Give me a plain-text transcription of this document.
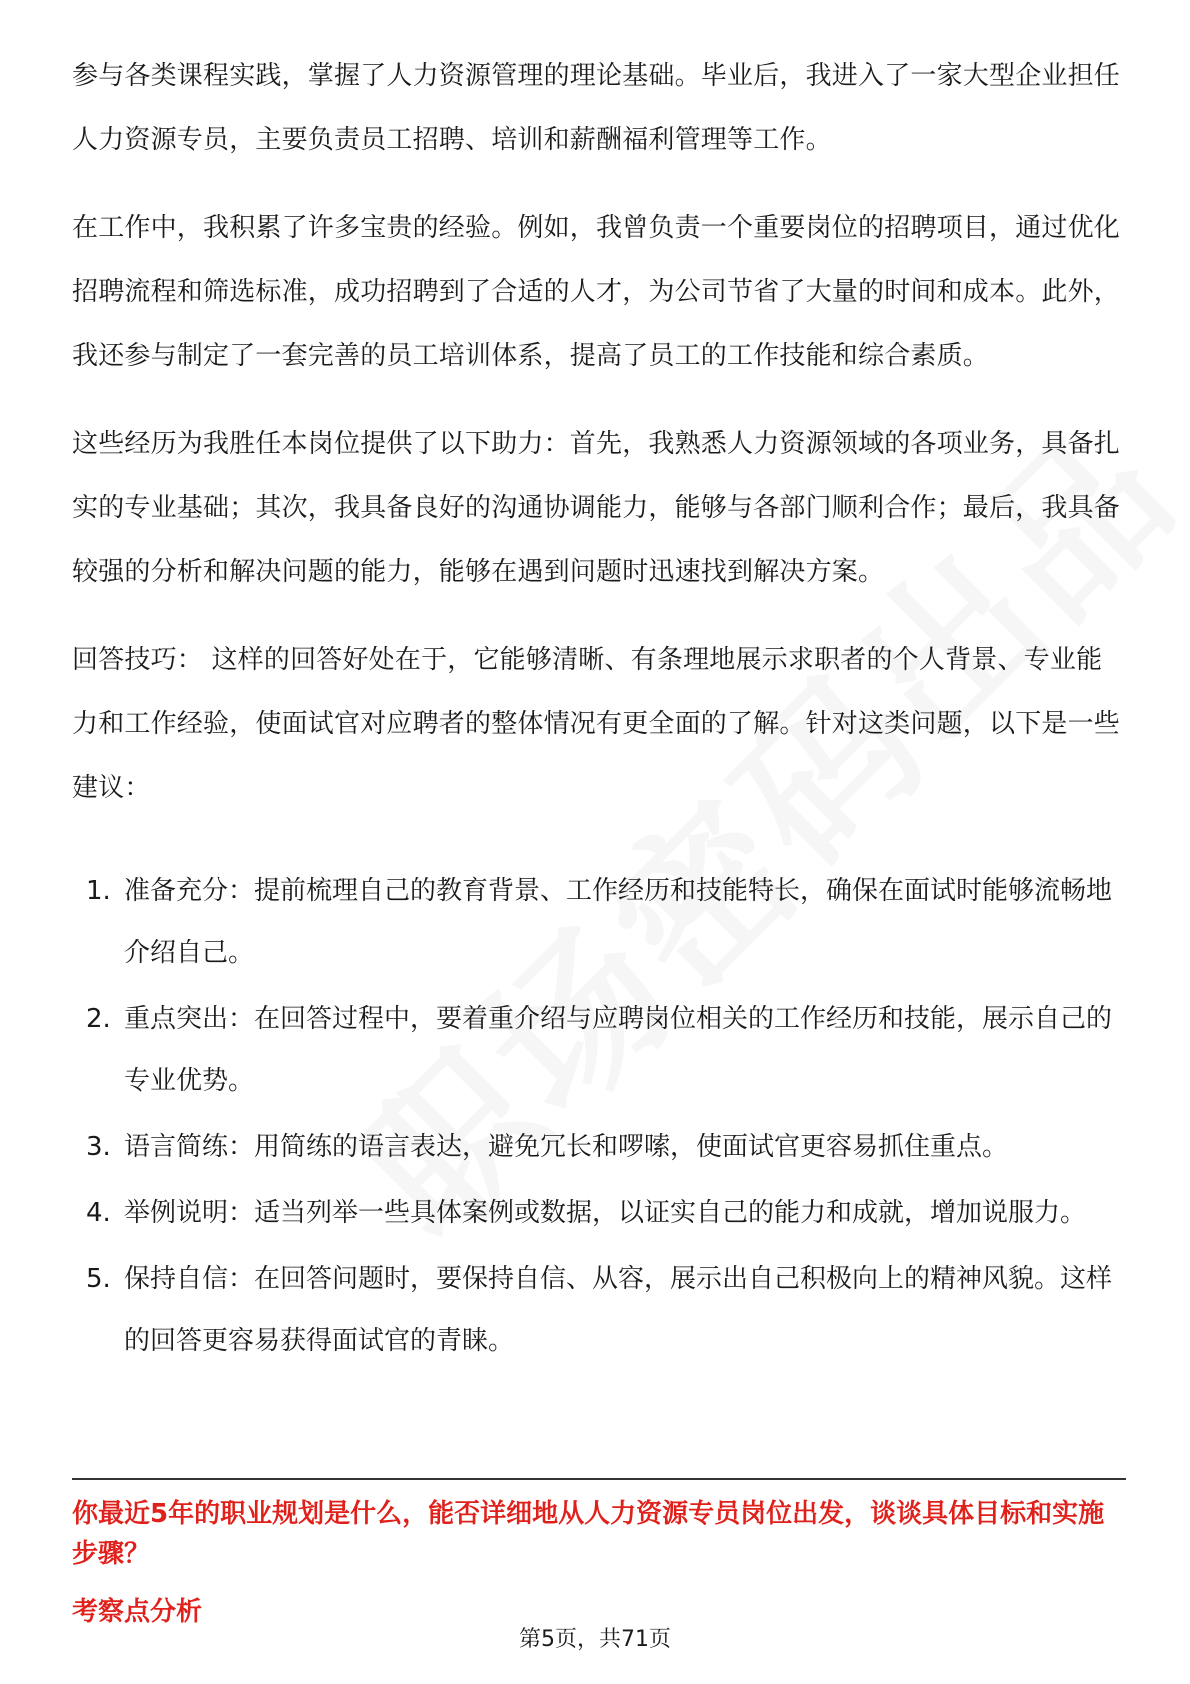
参与各类课程实践，掌握了人力资源管理的理论基础。毕业后，我进入了一家大型企业担任人力资源专员，主要负责员工招聘、培训和薪酬福利管理等工作。

在工作中，我积累了许多宝贵的经验。例如，我曾负责一个重要岗位的招聘项目，通过优化招聘流程和筛选标准，成功招聘到了合适的人才，为公司节省了大量的时间和成本。此外，我还参与制定了一套完善的员工培训体系，提高了员工的工作技能和综合素质。

这些经历为我胜任本岗位提供了以下助力：首先，我熟悉人力资源领域的各项业务，具备扎实的专业基础；其次，我具备良好的沟通协调能力，能够与各部门顺利合作；最后，我具备较强的分析和解决问题的能力，能够在遇到问题时迅速找到解决方案。

回答技巧： 这样的回答好处在于，它能够清晰、有条理地展示求职者的个人背景、专业能力和工作经验，使面试官对应聘者的整体情况有更全面的了解。针对这类问题，以下是一些建议：

1. 准备充分：提前梳理自己的教育背景、工作经历和技能特长，确保在面试时能够流畅地介绍自己。
2. 重点突出：在回答过程中，要着重介绍与应聘岗位相关的工作经历和技能，展示自己的专业优势。
3. 语言简练：用简练的语言表达，避免冗长和啰嗦，使面试官更容易抓住重点。
4. 举例说明：适当列举一些具体案例或数据，以证实自己的能力和成就，增加说服力。
5. 保持自信：在回答问题时，要保持自信、从容，展示出自己积极向上的精神风貌。这样的回答更容易获得面试官的青睐。

你最近5年的职业规划是什么，能否详细地从人力资源专员岗位出发，谈谈具体目标和实施步骤？

考察点分析

第5页，共71页
